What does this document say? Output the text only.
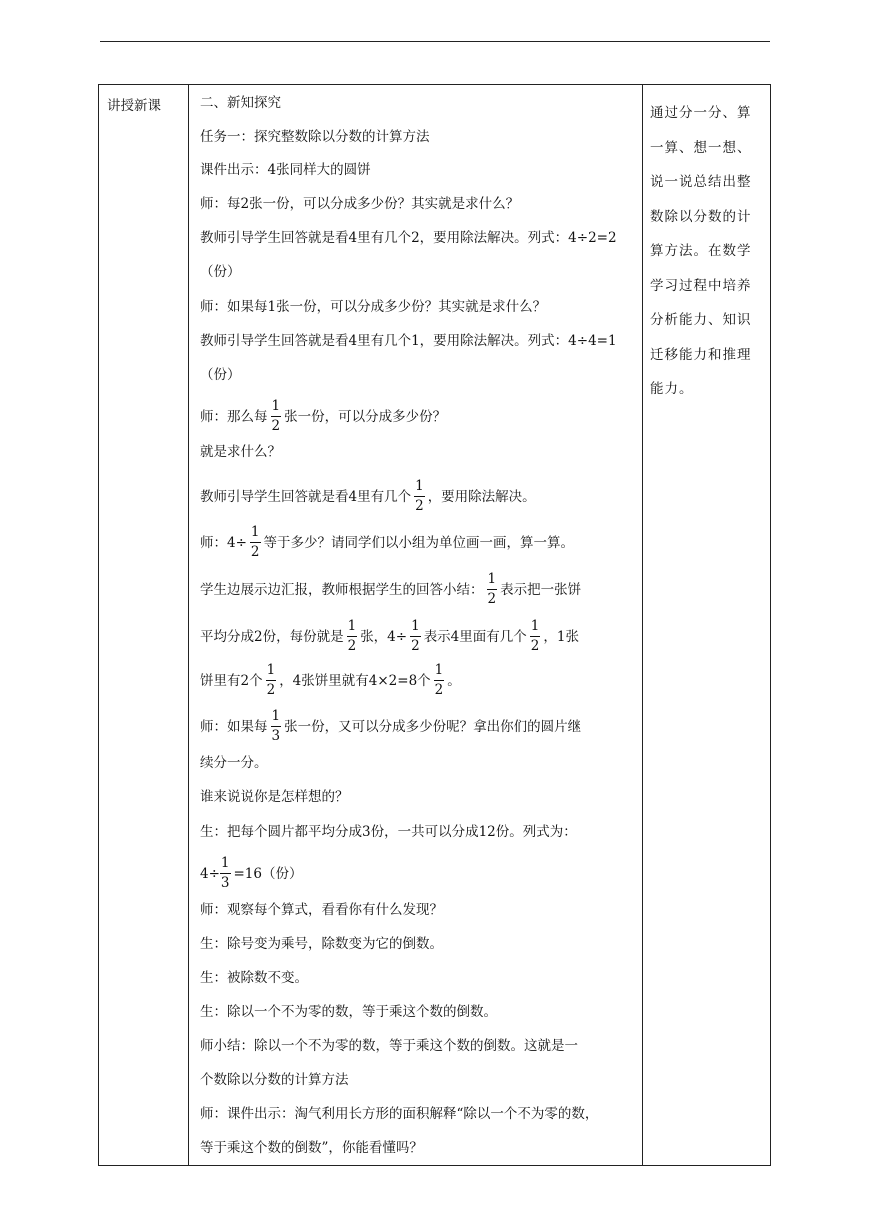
讲授新课	二、新知探究
任务一：探究整数除以分数的计算方法
课件出示：4张同样大的圆饼
师：每2张一份，可以分成多少份？其实就是求什么？
教师引导学生回答就是看4里有几个2，要用除法解决。列式：4÷2=2
（份）
师：如果每1张一份，可以分成多少份？其实就是求什么？
教师引导学生回答就是看4里有几个1，要用除法解决。列式：4÷4=1
（份）
师：那么每 $\frac{1}{2}$ 张一份，可以分成多少份？
就是求什么？
教师引导学生回答就是看4里有几个 $\frac{1}{2}$ ，要用除法解决。
师：$4\div \frac{1}{2}$ 等于多少？请同学们以小组为单位画一画，算一算。
学生边展示边汇报，教师根据学生的回答小结： $\frac{1}{2}$ 表示把一张饼
平均分成2份，每份就是 $\frac{1}{2}$ 张，$4\div \frac{1}{2}$ 表示4里面有几个 $\frac{1}{2}$ ，1张
饼里有2个 $\frac{1}{2}$ ，4张饼里就有4×2=8个 $\frac{1}{2}$ 。
师：如果每 $\frac{1}{3}$ 张一份，又可以分成多少份呢？拿出你们的圆片继
续分一分。
谁来说说你是怎样想的？
生：把每个圆片都平均分成3份，一共可以分成12份。列式为：
$4\div \frac{1}{3} =16$（份）
师：观察每个算式，看看你有什么发现？
生：除号变为乘号，除数变为它的倒数。
生：被除数不变。
生：除以一个不为零的数，等于乘这个数的倒数。
师小结：除以一个不为零的数，等于乘这个数的倒数。这就是一
个数除以分数的计算方法
师：课件出示：淘气利用长方形的面积解释“除以一个不为零的数，
等于乘这个数的倒数”，你能看懂吗？
通过分一分、算
一算、想一想、
说一说总结出整
数除以分数的计
算方法。在数学
学习过程中培养
分析能力、知识
迁移能力和推理
能力。
